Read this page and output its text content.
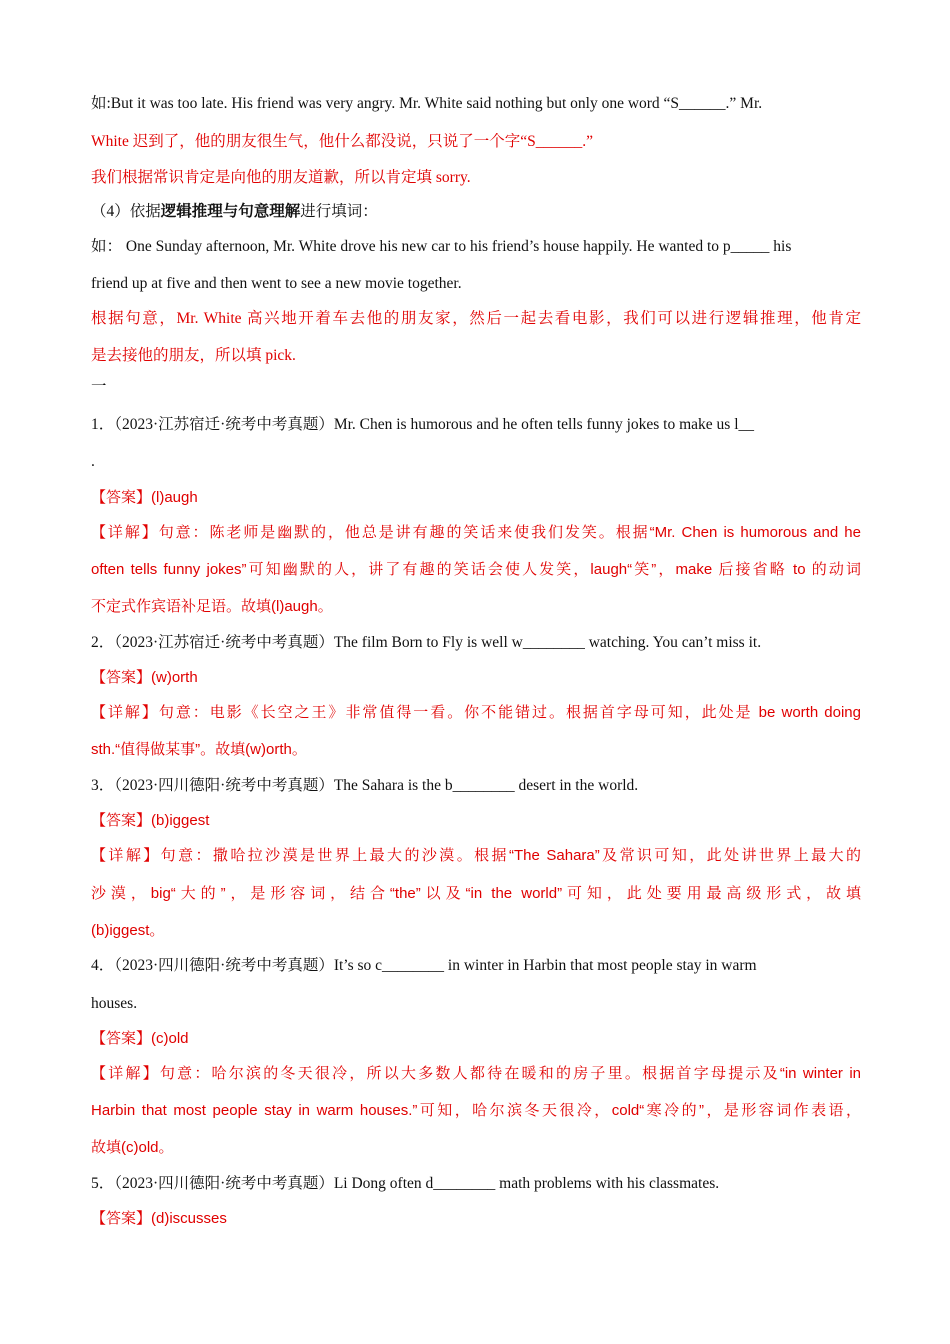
如:But it was too late. His friend was very angry. Mr. White said nothing but only one word “S______.” Mr.
White 迟到了，他的朋友很生气，他什么都没说，只说了一个字“S______.”
我们根据常识肯定是向他的朋友道歉，所以肯定填 sorry.
（4）依据逻辑推理与句意理解进行填词：
如： One Sunday afternoon, Mr. White drove his new car to his friend’s house happily. He wanted to p_____ his
friend up at five and then went to see a new movie together.
根据句意，Mr. White 高兴地开着车去他的朋友家，然后一起去看电影，我们可以进行逻辑推理，他肯定
是去接他的朋友，所以填 pick.
一
1．（2023·江苏宿迁·统考中考真题）Mr. Chen is humorous and he often tells funny jokes to make us l__
.
【答案】(l)augh
【详解】句意：陈老师是幽默的，他总是讲有趣的笑话来使我们发笑。根据“Mr. Chen is humorous and he
often tells funny jokes”可知幽默的人，讲了有趣的笑话会使人发笑，laugh“笑”，make 后接省略 to 的动词
不定式作宾语补足语。故填(l)augh。
2．（2023·江苏宿迁·统考中考真题）The film Born to Fly is well w________ watching. You can’t miss it.
【答案】(w)orth
【详解】句意：电影《长空之王》非常值得一看。你不能错过。根据首字母可知，此处是 be worth doing
sth.“值得做某事”。故填(w)orth。
3．（2023·四川德阳·统考中考真题）The Sahara is the b________ desert in the world.
【答案】(b)iggest
【详解】句意：撒哈拉沙漠是世界上最大的沙漠。根据“The Sahara”及常识可知，此处讲世界上最大的
沙漠，big“大的”，是形容词，结合“the”以及“in the world”可知，此处要用最高级形式，故填
(b)iggest。
4．（2023·四川德阳·统考中考真题）It’s so c________ in winter in Harbin that most people stay in warm
houses.
【答案】(c)old
【详解】句意：哈尔滨的冬天很冷，所以大多数人都待在暖和的房子里。根据首字母提示及“in winter in
Harbin that most people stay in warm houses.”可知，哈尔滨冬天很冷，cold“寒冷的”，是形容词作表语，
故填(c)old。
5．（2023·四川德阳·统考中考真题）Li Dong often d________ math problems with his classmates.
【答案】(d)iscusses
